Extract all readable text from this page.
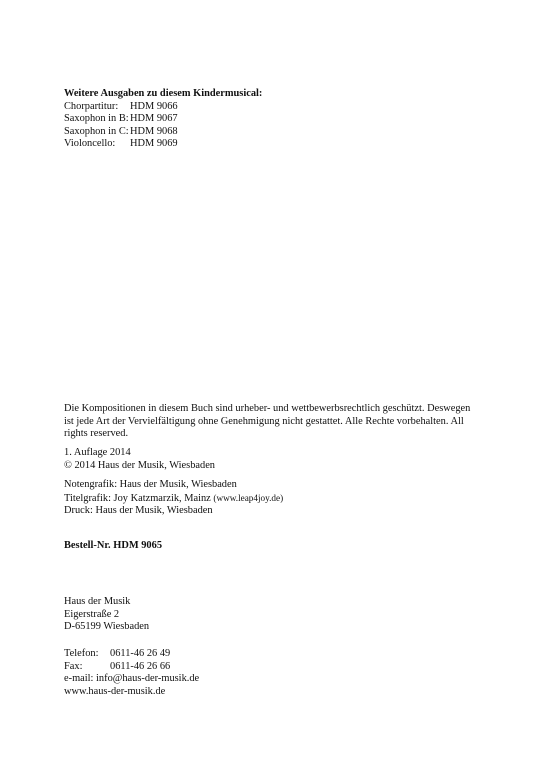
Weitere Ausgaben zu diesem Kindermusical:
Chorpartitur: HDM 9066
Saxophon in B:HDM 9067
Saxophon in C:HDM 9068
Violoncello: HDM 9069
Die Kompositionen in diesem Buch sind urheber- und wettbewerbsrechtlich geschützt. Deswegen ist jede Art der Vervielfältigung ohne Genehmigung nicht gestattet. Alle Rechte vorbehalten. All rights reserved.
1. Auflage 2014
© 2014 Haus der Musik, Wiesbaden
Notengrafik: Haus der Musik, Wiesbaden
Titelgrafik: Joy Katzmarzik, Mainz (www.leap4joy.de)
Druck: Haus der Musik, Wiesbaden
Bestell-Nr. HDM 9065
Haus der Musik
Eigerstraße 2
D-65199 Wiesbaden
Telefon: 0611-46 26 49
Fax:	0611-46 26 66
e-mail: info@haus-der-musik.de
www.haus-der-musik.de
